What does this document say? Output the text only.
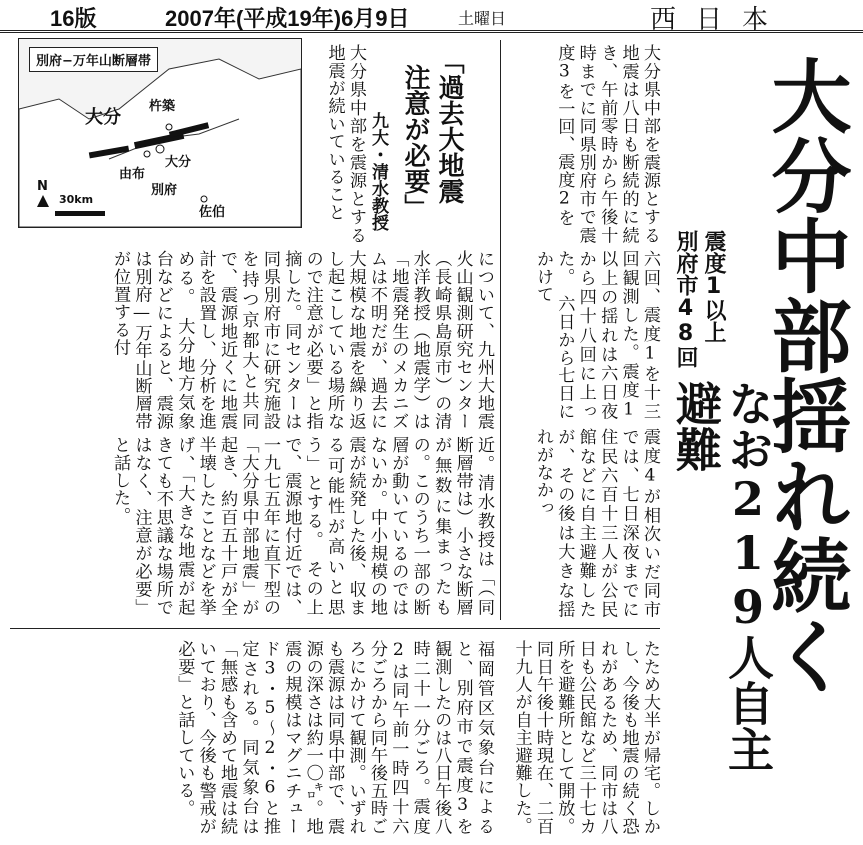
16版	2007年(平成19年)6月9日	土曜日	西日本
大分中部揺れ続く
なお219人自主避難
震度1以上
別府市48回
大分県中部を震源とする地震は八日も断続的に続き、午前零時から午後十時までに同県別府市で震度3を一回、震度2を
六回、震度1を十三回観測した。震度1以上の揺れは六日夜から四十八回に上った。　六日から七日にかけて
震度4が相次いだ同市では、七日深夜までに住民六百十三人が公民館などに自主避難したが、その後は大きな揺れがなかっ
たため大半が帰宅。しかし、今後も地震の続く恐れがあるため、同市は八日も公民館など三十七カ所を避難所として開放。同日午後十時現在、二百十九人が自主避難した。
福岡管区気象台によると、別府市で震度3を観測したのは八日午後八時二十一分ごろ。震度2は同午前一時四十六分ごろから同午後五時ごろにかけて観測。いずれも震源は同県中部で、震源の深さは約一〇㌔。地震の規模はマグニチュード3・5〜2・6と推定される。同気象台は「無感も含めて地震は続いており、今後も警戒が必要」と話している。
「過去大地震
注意が必要」
九大・清水教授
大分県中部を震源とする地震が続いていること
について、九州大地震火山観測研究センター（長崎県島原市）の清水洋教授（地震学）は「地震発生のメカニズムは不明だが、過去に大規模な地震を繰り返し起こしている場所なので注意が必要」と指摘した。同センターは同県別府市に研究施設を持つ京都大と共同で、震源地近くに地震計を設置し、分析を進める。　大分地方気象台などによると、震源は別府—万年山断層帯が位置する付
近。清水教授は「（同断層帯は）小さな断層が無数に集まったもの。このうち一部の断層が動いているのではないか。中小規模の地震が続発した後、収まる可能性が高いと思う」とする。　その上で、震源地付近では、一九七五年に直下型の「大分県中部地震」が起き、約百五十戸が全半壊したことなどを挙げ、「大きな地震が起きても不思議な場所ではなく、注意が必要」と話した。
別府−万年山断層帯
大分
杵築
大分
由布
別府
佐伯
N
30km
